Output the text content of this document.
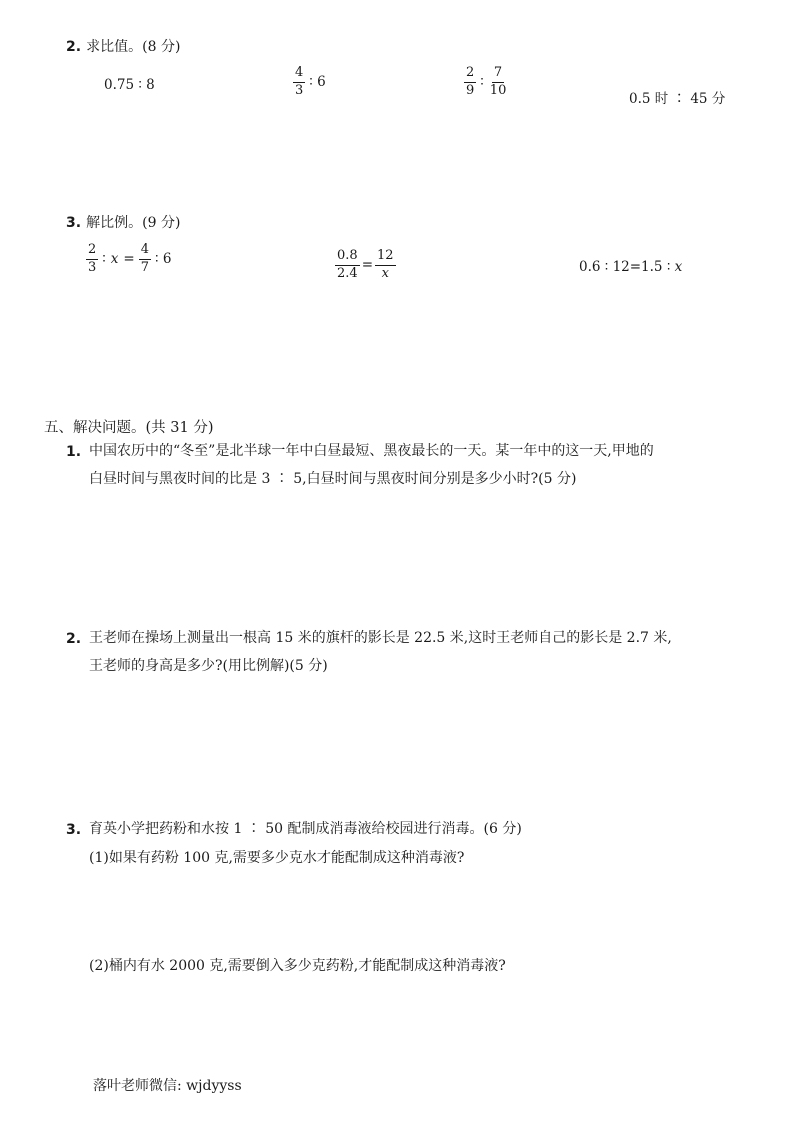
2. 求比值。(8 分)
0.75 ∶ 8	$\frac{4}{3}$ ∶ 6	$\frac{2}{9}$ ∶ $\frac{7}{10}$
0.5 时 ∶ 45 分
3. 解比例。(9 分)
$\frac{2}{3}$ ∶ $x = \frac{4}{7}$ ∶ 6	$\frac{0.8}{2.4} = \frac{12}{x}$	0.6 ∶ 12=1.5 ∶ x
五、解决问题。(共 31 分)
1. 中国农历中的“冬至”是北半球一年中白昼最短、黑夜最长的一天。某一年中的这一天,甲地的
白昼时间与黑夜时间的比是 3 ∶ 5,白昼时间与黑夜时间分别是多少小时?(5 分)
2. 王老师在操场上测量出一根高 15 米的旗杆的影长是 22.5 米,这时王老师自己的影长是 2.7 米,
王老师的身高是多少?(用比例解)(5 分)
3. 育英小学把药粉和水按 1 ∶ 50 配制成消毒液给校园进行消毒。(6 分)
(1)如果有药粉 100 克,需要多少克水才能配制成这种消毒液?
(2)桶内有水 2000 克,需要倒入多少克药粉,才能配制成这种消毒液?
落叶老师微信: wjdyyss
